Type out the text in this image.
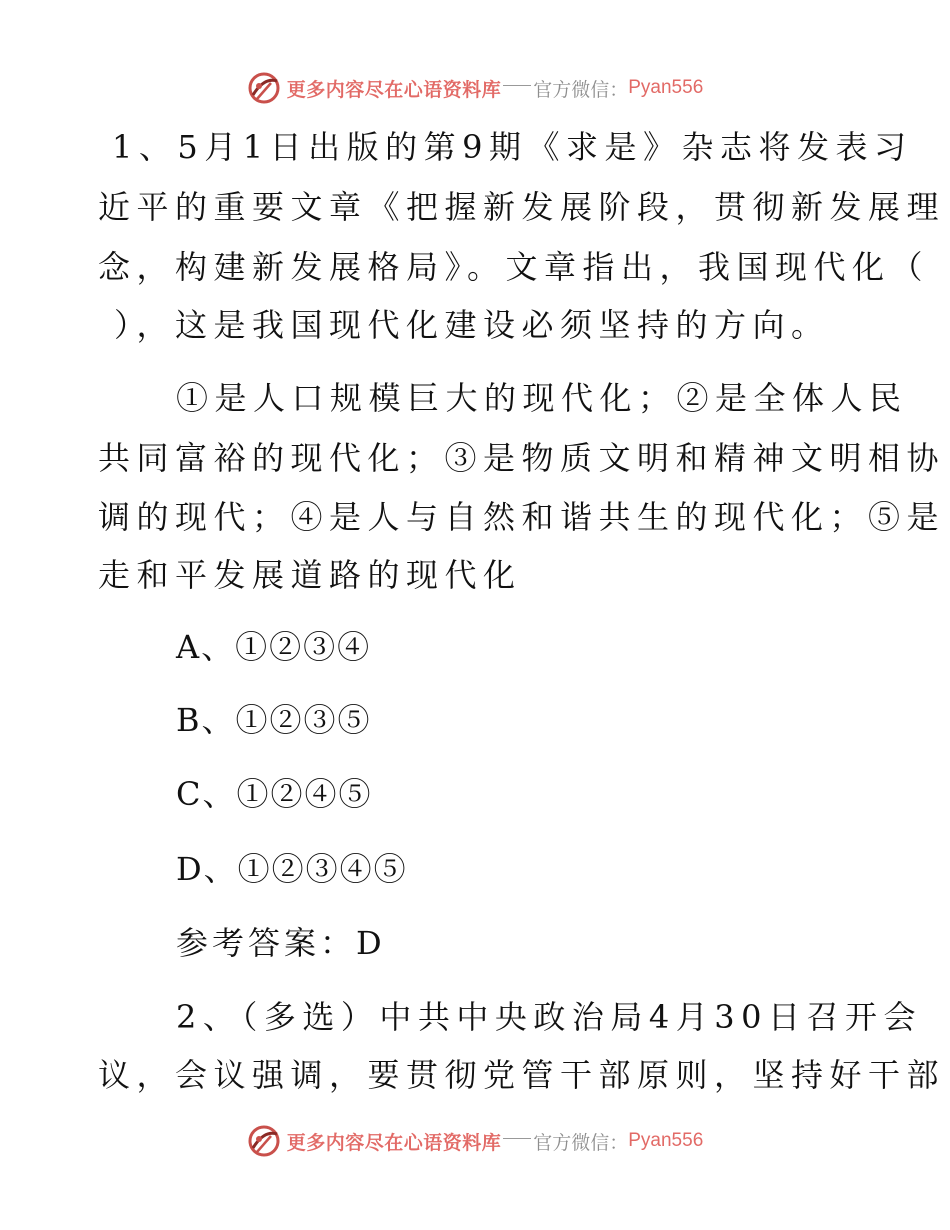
更多内容尽在心语资料库 官方微信： Pyan556
1、5月1日出版的第9期《求是》杂志将发表习
近平的重要文章《把握新发展阶段，贯彻新发展理
念，构建新发展格局》。文章指出，我国现代化（
），这是我国现代化建设必须坚持的方向。
①是人口规模巨大的现代化；②是全体人民
共同富裕的现代化；③是物质文明和精神文明相协
调的现代；④是人与自然和谐共生的现代化；⑤是
走和平发展道路的现代化
A、①②③④
B、①②③⑤
C、①②④⑤
D、①②③④⑤
参考答案：D
2、（多选）中共中央政治局4月30日召开会
议，会议强调，要贯彻党管干部原则，坚持好干部
更多内容尽在心语资料库 官方微信： Pyan556
